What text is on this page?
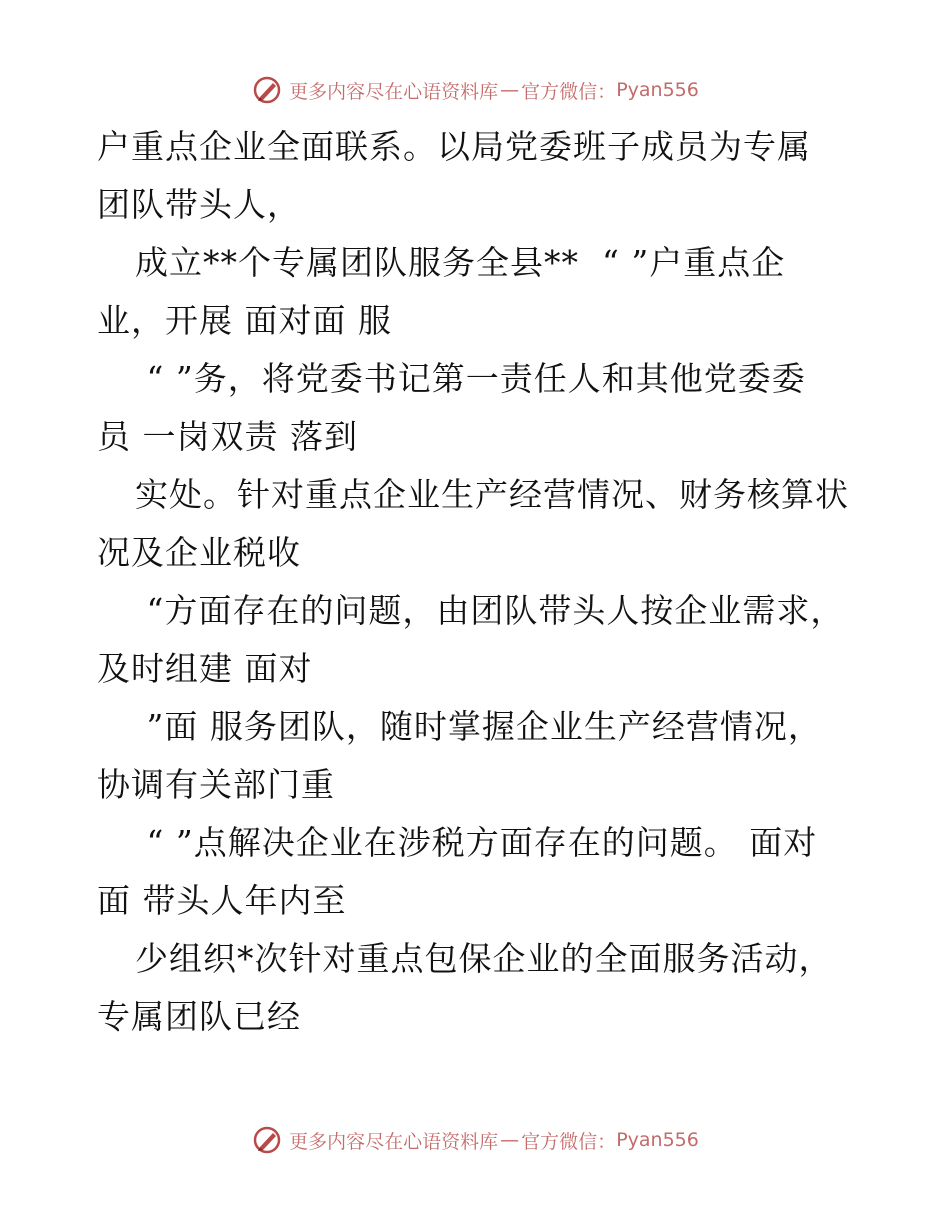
更多内容尽在心语资料库 — 官方微信： Pyan556
户重点企业全面联系。以局党委班子成员为专属
团队带头人，
成立**个专属团队服务全县**  “ ”户重点企
业，开展 面对面 服
“ ”务，将党委书记第一责任人和其他党委委
员 一岗双责 落到
实处。针对重点企业生产经营情况、财务核算状
况及企业税收
“方面存在的问题，由团队带头人按企业需求，
及时组建 面对
”面 服务团队，随时掌握企业生产经营情况，
协调有关部门重
“ ”点解决企业在涉税方面存在的问题。 面对
面 带头人年内至
少组织*次针对重点包保企业的全面服务活动，
专属团队已经
更多内容尽在心语资料库 — 官方微信： Pyan556
